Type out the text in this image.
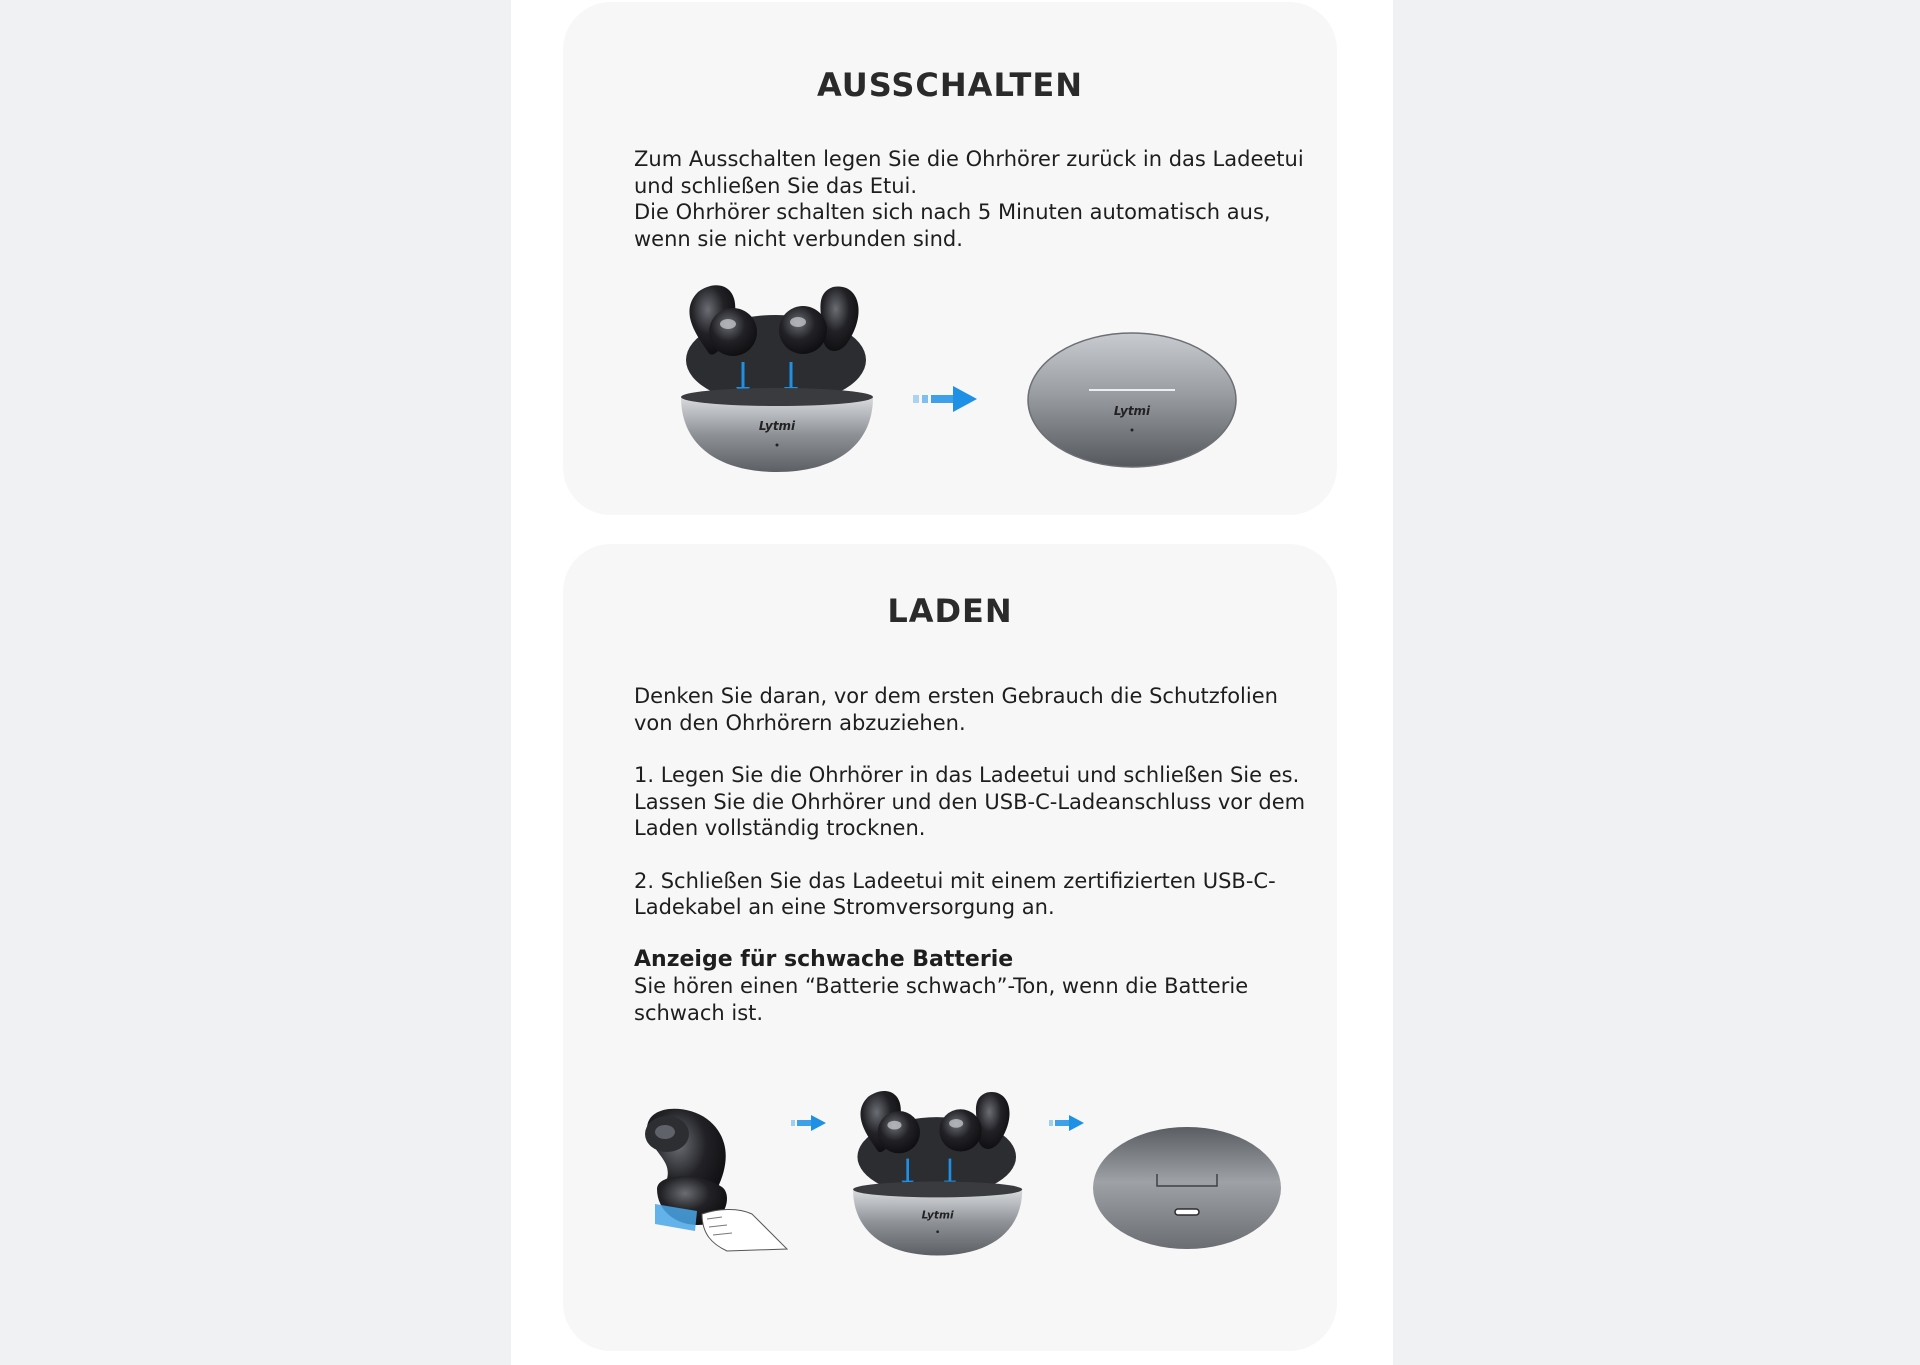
AUSSCHALTEN

Zum Ausschalten legen Sie die Ohrhörer zurück in das Ladeetui und schließen Sie das Etui.

Die Ohrhörer schalten sich nach 5 Minuten automatisch aus, wenn sie nicht verbunden sind.

Lytmi
Lytmi
LADEN

Denken Sie daran, vor dem ersten Gebrauch die Schutzfolien von den Ohrhörern abzuziehen.

1. Legen Sie die Ohrhörer in das Ladeetui und schließen Sie es. Lassen Sie die Ohrhörer und den USB-C-Ladeanschluss vor dem Laden vollständig trocknen.

2. Schließen Sie das Ladeetui mit einem zertifizierten USB-C-Ladekabel an eine Stromversorgung an.

Anzeige für schwache Batterie

Sie hören einen “Batterie schwach”-Ton, wenn die Batterie schwach ist.

Lytmi
